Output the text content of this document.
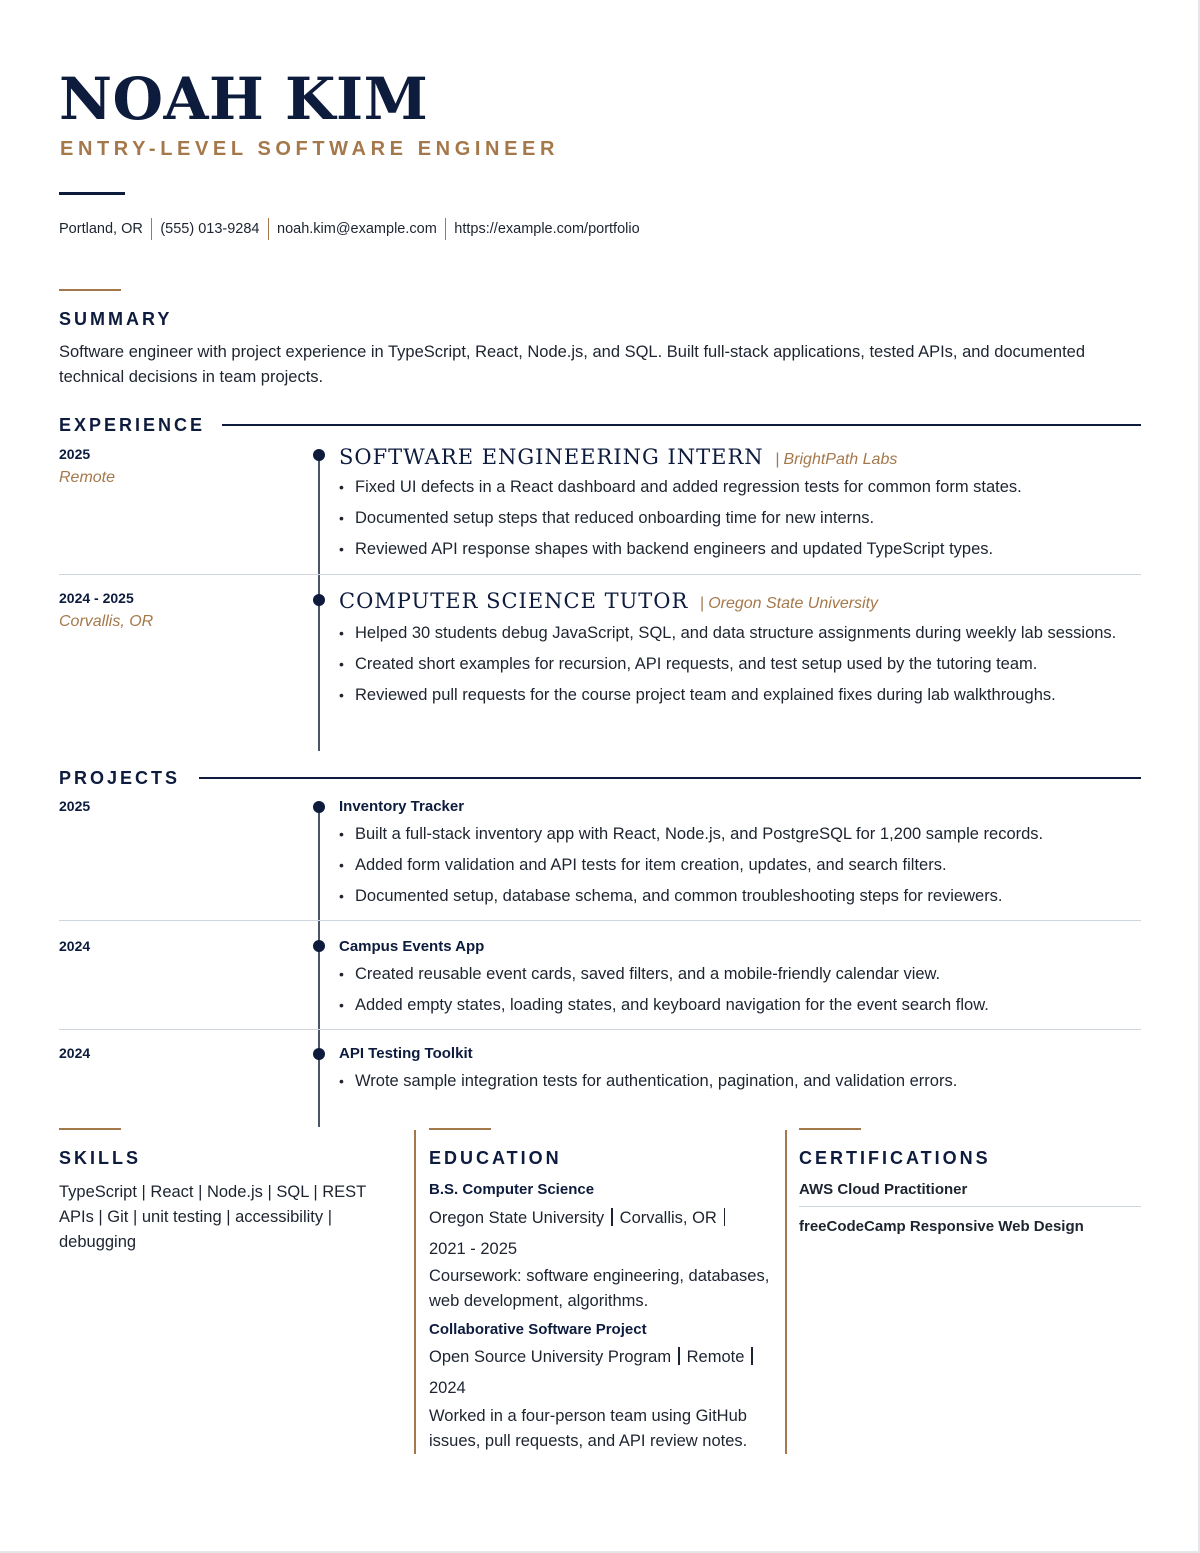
NOAH KIM
ENTRY-LEVEL SOFTWARE ENGINEER
Portland, OR (555) 013-9284 noah.kim@example.com https://example.com/portfolio
SUMMARY
Software engineer with project experience in TypeScript, React, Node.js, and SQL. Built full-stack applications, tested APIs, and documented technical decisions in team projects.
EXPERIENCE
2025
Remote
SOFTWARE ENGINEERING INTERN | BrightPath Labs
• Fixed UI defects in a React dashboard and added regression tests for common form states.
• Documented setup steps that reduced onboarding time for new interns.
• Reviewed API response shapes with backend engineers and updated TypeScript types.
2024 - 2025
Corvallis, OR
COMPUTER SCIENCE TUTOR | Oregon State University
• Helped 30 students debug JavaScript, SQL, and data structure assignments during weekly lab sessions.
• Created short examples for recursion, API requests, and test setup used by the tutoring team.
• Reviewed pull requests for the course project team and explained fixes during lab walkthroughs.
PROJECTS
2025	Inventory Tracker
• Built a full-stack inventory app with React, Node.js, and PostgreSQL for 1,200 sample records.
• Added form validation and API tests for item creation, updates, and search filters.
• Documented setup, database schema, and common troubleshooting steps for reviewers.
2024	Campus Events App
• Created reusable event cards, saved filters, and a mobile-friendly calendar view.
• Added empty states, loading states, and keyboard navigation for the event search flow.
2024	API Testing Toolkit
• Wrote sample integration tests for authentication, pagination, and validation errors.
SKILLS
TypeScript | React | Node.js | SQL | REST APIs | Git | unit testing | accessibility | debugging
EDUCATION
B.S. Computer Science
Oregon State University Corvallis, OR
2021 - 2025
Coursework: software engineering, databases, web development, algorithms.
Collaborative Software Project
Open Source University Program Remote
2024
Worked in a four-person team using GitHub issues, pull requests, and API review notes.
CERTIFICATIONS
AWS Cloud Practitioner
freeCodeCamp Responsive Web Design
